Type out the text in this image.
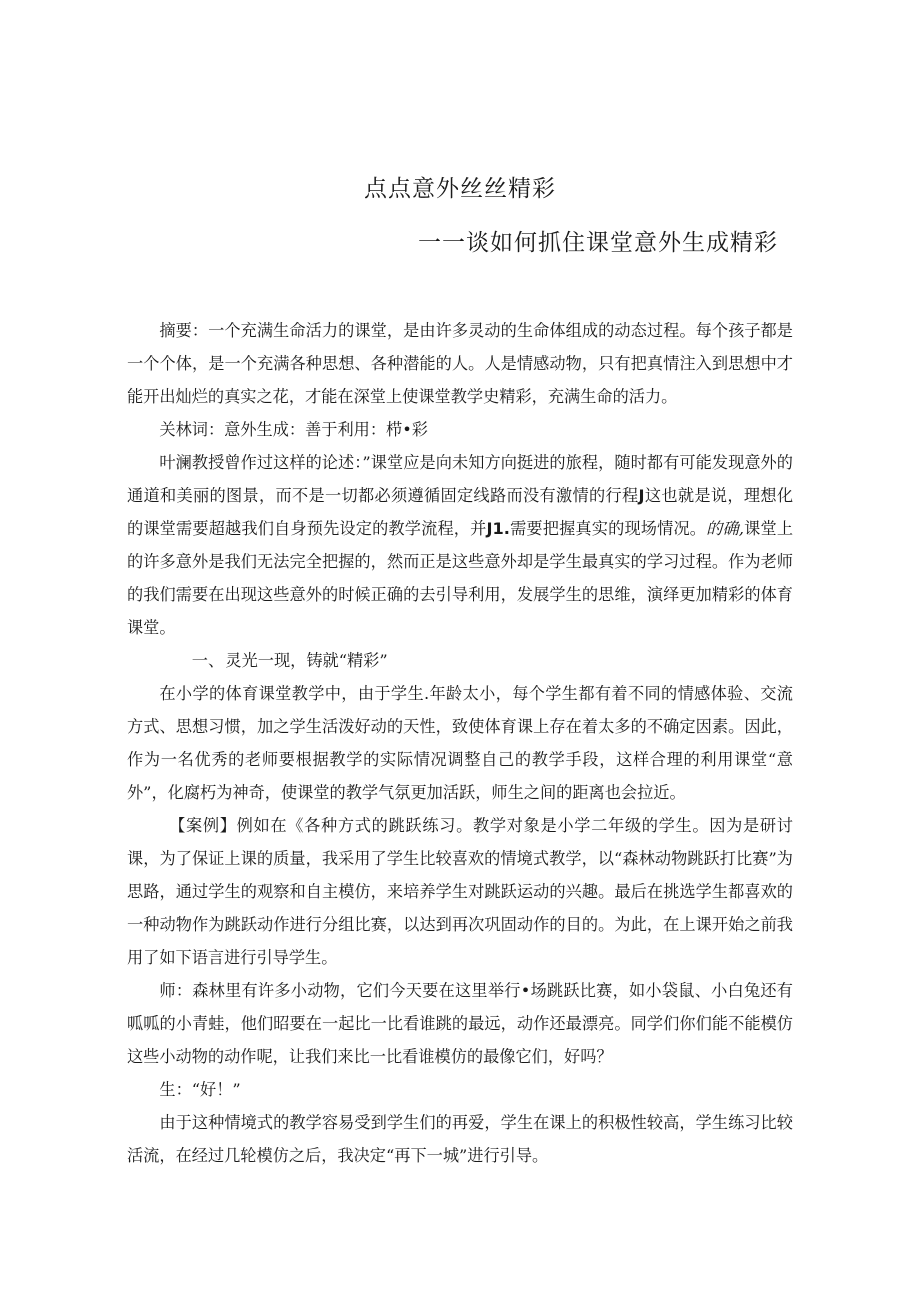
点点意外丝丝精彩
一一谈如何抓住课堂意外生成精彩

摘要：一个充满生命活力的课堂，是由许多灵动的生命体组成的动态过程。每个孩子都是一个个体，是一个充满各种思想、各种潜能的人。人是情感动物，只有把真情注入到思想中才能开出灿烂的真实之花，才能在深堂上使课堂教学史精彩，充满生命的活力。

关林词：意外生成：善于利用：栉•彩

叶澜教授曾作过这样的论述：”课堂应是向未知方向挺进的旅程，随时都有可能发现意外的通道和美丽的图景，而不是一切都必须遵循固定线路而没有激情的行程J这也就是说，理想化的课堂需要超越我们自身预先设定的教学流程，并J1.需要把握真实的现场情况。的确,课堂上的许多意外是我们无法完全把握的，然而正是这些意外却是学生最真实的学习过程。作为老师的我们需要在出现这些意外的时候正确的去引导利用，发展学生的思维，演绎更加精彩的体育课堂。

一、灵光一现，铸就“精彩”

在小学的体育课堂教学中，由于学生.年龄太小，每个学生都有着不同的情感体验、交流方式、思想习惯，加之学生活泼好动的天性，致使体育课上存在着太多的不确定因素。因此，作为一名优秀的老师要根据教学的实际情况调整自己的教学手段，这样合理的利用课堂“意外”，化腐朽为神奇，使课堂的教学气氛更加活跃，师生之间的距离也会拉近。

【案例】例如在《各种方式的跳跃练习。教学对象是小学二年级的学生。因为是研讨课，为了保证上课的质量，我采用了学生比较喜欢的情境式教学，以“森林动物跳跃打比赛”为思路，通过学生的观察和自主模仿，来培养学生对跳跃运动的兴趣。最后在挑选学生都喜欢的一种动物作为跳跃动作进行分组比赛，以达到再次巩固动作的目的。为此，在上课开始之前我用了如下语言进行引导学生。

师：森林里有许多小动物，它们今天要在这里举行•场跳跃比赛，如小袋鼠、小白兔还有呱呱的小青蛙，他们昭要在一起比一比看谁跳的最远，动作还最漂亮。同学们你们能不能模仿这些小动物的动作呢，让我们来比一比看谁模仿的最像它们，好吗？

生：“好！”

由于这种情境式的教学容易受到学生们的再爱，学生在课上的积极性较高，学生练习比较活流，在经过几轮模仿之后，我决定“再下一城”进行引导。
